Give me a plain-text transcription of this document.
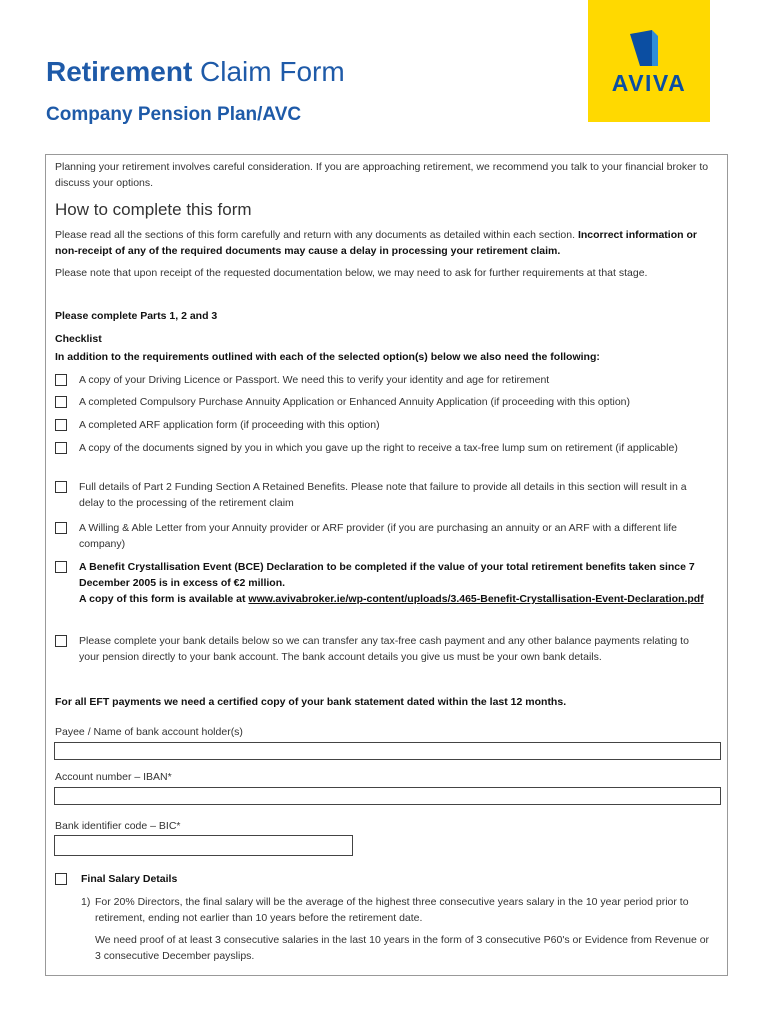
AVIVA
Retirement Claim Form
Company Pension Plan/AVC
Planning your retirement involves careful consideration. If you are approaching retirement, we recommend you talk to your financial broker to discuss your options.
How to complete this form
Please read all the sections of this form carefully and return with any documents as detailed within each section. Incorrect information or non-receipt of any of the required documents may cause a delay in processing your retirement claim.
Please note that upon receipt of the requested documentation below, we may need to ask for further requirements at that stage.
Please complete Parts 1, 2 and 3
Checklist
In addition to the requirements outlined with each of the selected option(s) below we also need the following:
A copy of your Driving Licence or Passport. We need this to verify your identity and age for retirement
A completed Compulsory Purchase Annuity Application or Enhanced Annuity Application (if proceeding with this option)
A completed ARF application form (if proceeding with this option)
A copy of the documents signed by you in which you gave up the right to receive a tax-free lump sum on retirement (if applicable)
Full details of Part 2 Funding Section A Retained Benefits. Please note that failure to provide all details in this section will result in a delay to the processing of the retirement claim
A Willing & Able Letter from your Annuity provider or ARF provider (if you are purchasing an annuity or an ARF with a different life company)
A Benefit Crystallisation Event (BCE) Declaration to be completed if the value of your total retirement benefits taken since 7 December 2005 is in excess of €2 million.
A copy of this form is available at www.avivabroker.ie/wp-content/uploads/3.465-Benefit-Crystallisation-Event-Declaration.pdf
Please complete your bank details below so we can transfer any tax-free cash payment and any other balance payments relating to your pension directly to your bank account. The bank account details you give us must be your own bank details.
For all EFT payments we need a certified copy of your bank statement dated within the last 12 months.
Payee / Name of bank account holder(s)
Account number – IBAN*
Bank identifier code – BIC*
Final Salary Details
1) For 20% Directors, the final salary will be the average of the highest three consecutive years salary in the 10 year period prior to retirement, ending not earlier than 10 years before the retirement date.
We need proof of at least 3 consecutive salaries in the last 10 years in the form of 3 consecutive P60's or Evidence from Revenue or 3 consecutive December payslips.
